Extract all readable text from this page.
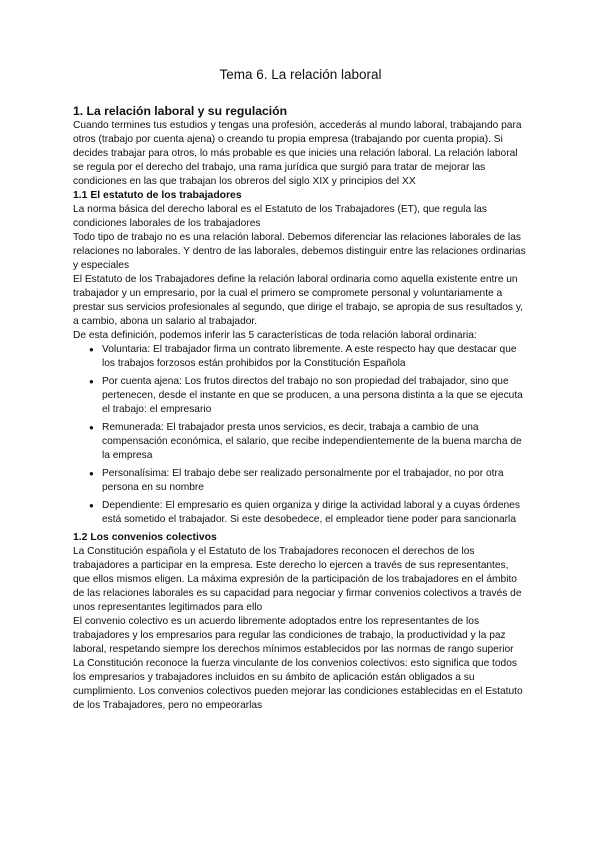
Tema 6. La relación laboral
1. La relación laboral y su regulación

Cuando termines tus estudios y tengas una profesión, accederás al mundo laboral, trabajando para otros (trabajo por cuenta ajena) o creando tu propia empresa (trabajando por cuenta propia). Si decides trabajar para otros, lo más probable es que inicies una relación laboral. La relación laboral se regula por el derecho del trabajo, una rama jurídica que surgió para tratar de mejorar las condiciones en las que trabajan los obreros del siglo XIX y principios del XX

1.1 El estatuto de los trabajadores

La norma básica del derecho laboral es el Estatuto de los Trabajadores (ET), que regula las condiciones laborales de los trabajadores

Todo tipo de trabajo no es una relación laboral. Debemos diferenciar las relaciones laborales de las relaciones no laborales. Y dentro de las laborales, debemos distinguir entre las relaciones ordinarias y especiales

El Estatuto de los Trabajadores define la relación laboral ordinaria como aquella existente entre un trabajador y un empresario, por la cual el primero se compromete personal y voluntariamente a prestar sus servicios profesionales al segundo, que dirige el trabajo, se apropia de sus resultados y, a cambio, abona un salario al trabajador.

De esta definición, podemos inferir las 5 características de toda relación laboral ordinaria:

● Voluntaria: El trabajador firma un contrato libremente. A este respecto hay que destacar que los trabajos forzosos están prohibidos por la Constitución Española
● Por cuenta ajena: Los frutos directos del trabajo no son propiedad del trabajador, sino que pertenecen, desde el instante en que se producen, a una persona distinta a la que se ejecuta el trabajo: el empresario
● Remunerada: El trabajador presta unos servicios, es decir, trabaja a cambio de una compensación económica, el salario, que recibe independientemente de la buena marcha de la empresa
● Personalísima: El trabajo debe ser realizado personalmente por el trabajador, no por otra persona en su nombre
● Dependiente: El empresario es quien organiza y dirige la actividad laboral y a cuyas órdenes está sometido el trabajador. Si este desobedece, el empleador tiene poder para sancionarla
1.2 Los convenios colectivos

La Constitución española y el Estatuto de los Trabajadores reconocen el derechos de los trabajadores a participar en la empresa. Este derecho lo ejercen a través de sus representantes, que ellos mismos eligen. La máxima expresión de la participación de los trabajadores en el ámbito de las relaciones laborales es su capacidad para negociar y firmar convenios colectivos a través de unos representantes legitimados para ello

El convenio colectivo es un acuerdo libremente adoptados entre los representantes de los trabajadores y los empresarios para regular las condiciones de trabajo, la productividad y la paz laboral, respetando siempre los derechos mínimos establecidos por las normas de rango superior

La Constitución reconoce la fuerza vinculante de los convenios colectivos: esto significa que todos los empresarios y trabajadores incluidos en su ámbito de aplicación están obligados a su cumplimiento. Los convenios colectivos pueden mejorar las condiciones establecidas en el Estatuto de los Trabajadores, pero no empeorarlas
